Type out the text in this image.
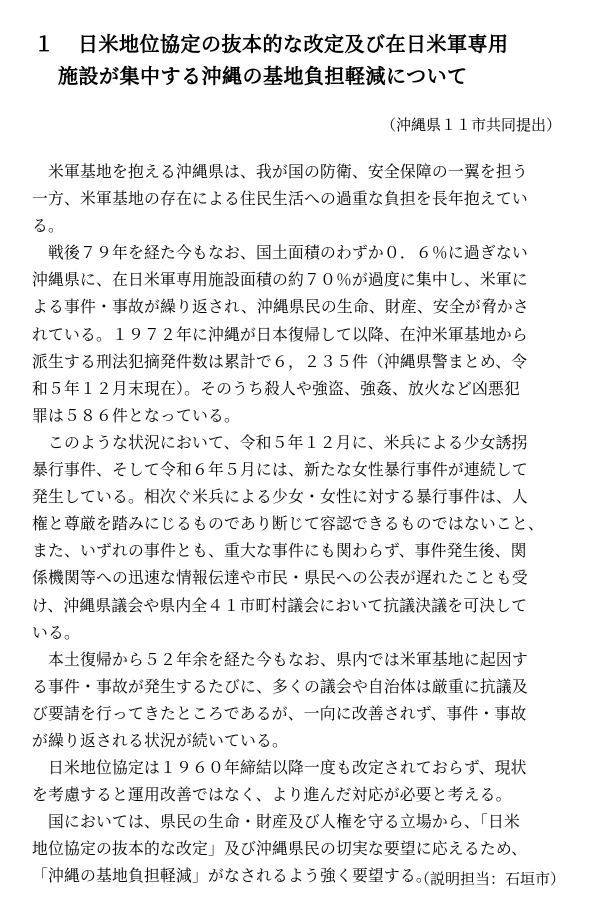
１ 日米地位協定の抜本的な改定及び在日米軍専用
施設が集中する沖縄の基地負担軽減について
（沖縄県１１市共同提出）
　米軍基地を抱える沖縄県は、我が国の防衛、安全保障の一翼を担う
一方、米軍基地の存在による住民生活への過重な負担を長年抱えてい
る。
　戦後７９年を経た今もなお、国土面積のわずか０．６％に過ぎない
沖縄県に、在日米軍専用施設面積の約７０％が過度に集中し、米軍に
よる事件・事故が繰り返され、沖縄県民の生命、財産、安全が脅かさ
れている。１９７２年に沖縄が日本復帰して以降、在沖米軍基地から
派生する刑法犯摘発件数は累計で６，２３５件（沖縄県警まとめ、令
和５年１２月末現在）。そのうち殺人や強盗、強姦、放火など凶悪犯
罪は５８６件となっている。
　このような状況において、令和５年１２月に、米兵による少女誘拐
暴行事件、そして令和６年５月には、新たな女性暴行事件が連続して
発生している。相次ぐ米兵による少女・女性に対する暴行事件は、人
権と尊厳を踏みにじるものであり断じて容認できるものではないこと、
また、いずれの事件とも、重大な事件にも関わらず、事件発生後、関
係機関等への迅速な情報伝達や市民・県民への公表が遅れたことも受
け、沖縄県議会や県内全４１市町村議会において抗議決議を可決して
いる。
　本土復帰から５２年余を経た今もなお、県内では米軍基地に起因す
る事件・事故が発生するたびに、多くの議会や自治体は厳重に抗議及
び要請を行ってきたところであるが、一向に改善されず、事件・事故
が繰り返される状況が続いている。
　日米地位協定は１９６０年締結以降一度も改定されておらず、現状
を考慮すると運用改善ではなく、より進んだ対応が必要と考える。
　国においては、県民の生命・財産及び人権を守る立場から、「日米
地位協定の抜本的な改定」及び沖縄県民の切実な要望に応えるため、
「沖縄の基地負担軽減」がなされるよう強く要望する。
（説明担当：石垣市）
